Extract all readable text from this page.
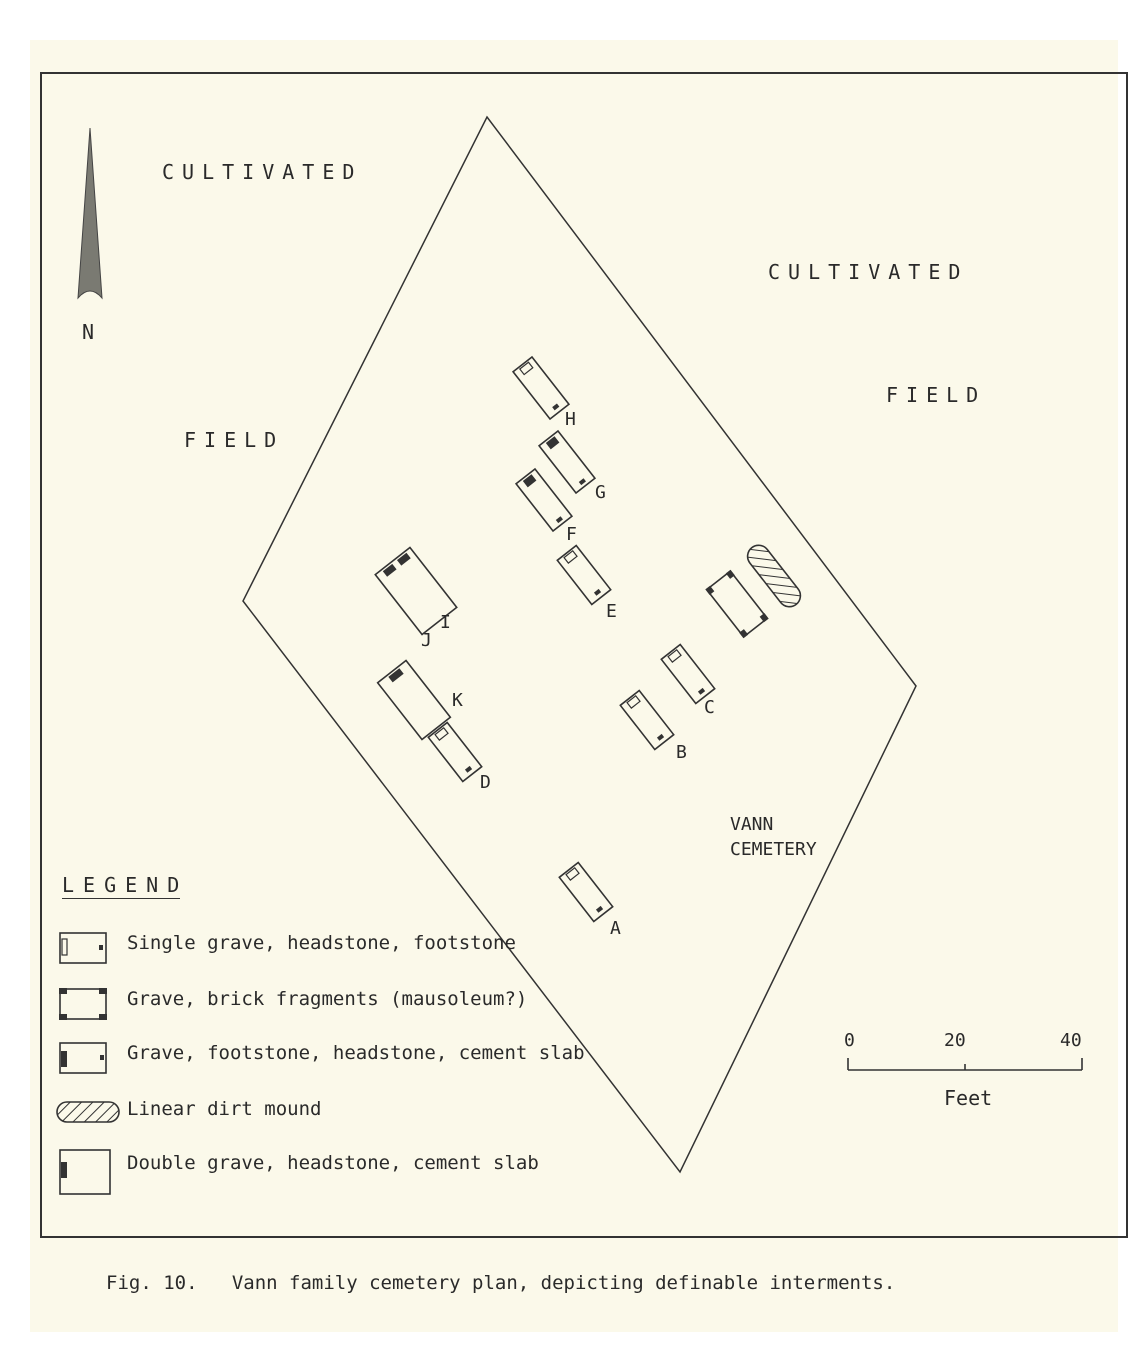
N
CULTIVATED
CULTIVATED
FIELD
FIELD
VANN
CEMETERY
A
B
C
D
E
F
G
H
I
J
K
LEGEND
Single grave, headstone, footstone
Grave, brick fragments (mausoleum?)
Grave, footstone, headstone, cement slab
Linear dirt mound
Double grave, headstone, cement slab
0	20	40
Feet
Fig. 10.   Vann family cemetery plan, depicting definable interments.
